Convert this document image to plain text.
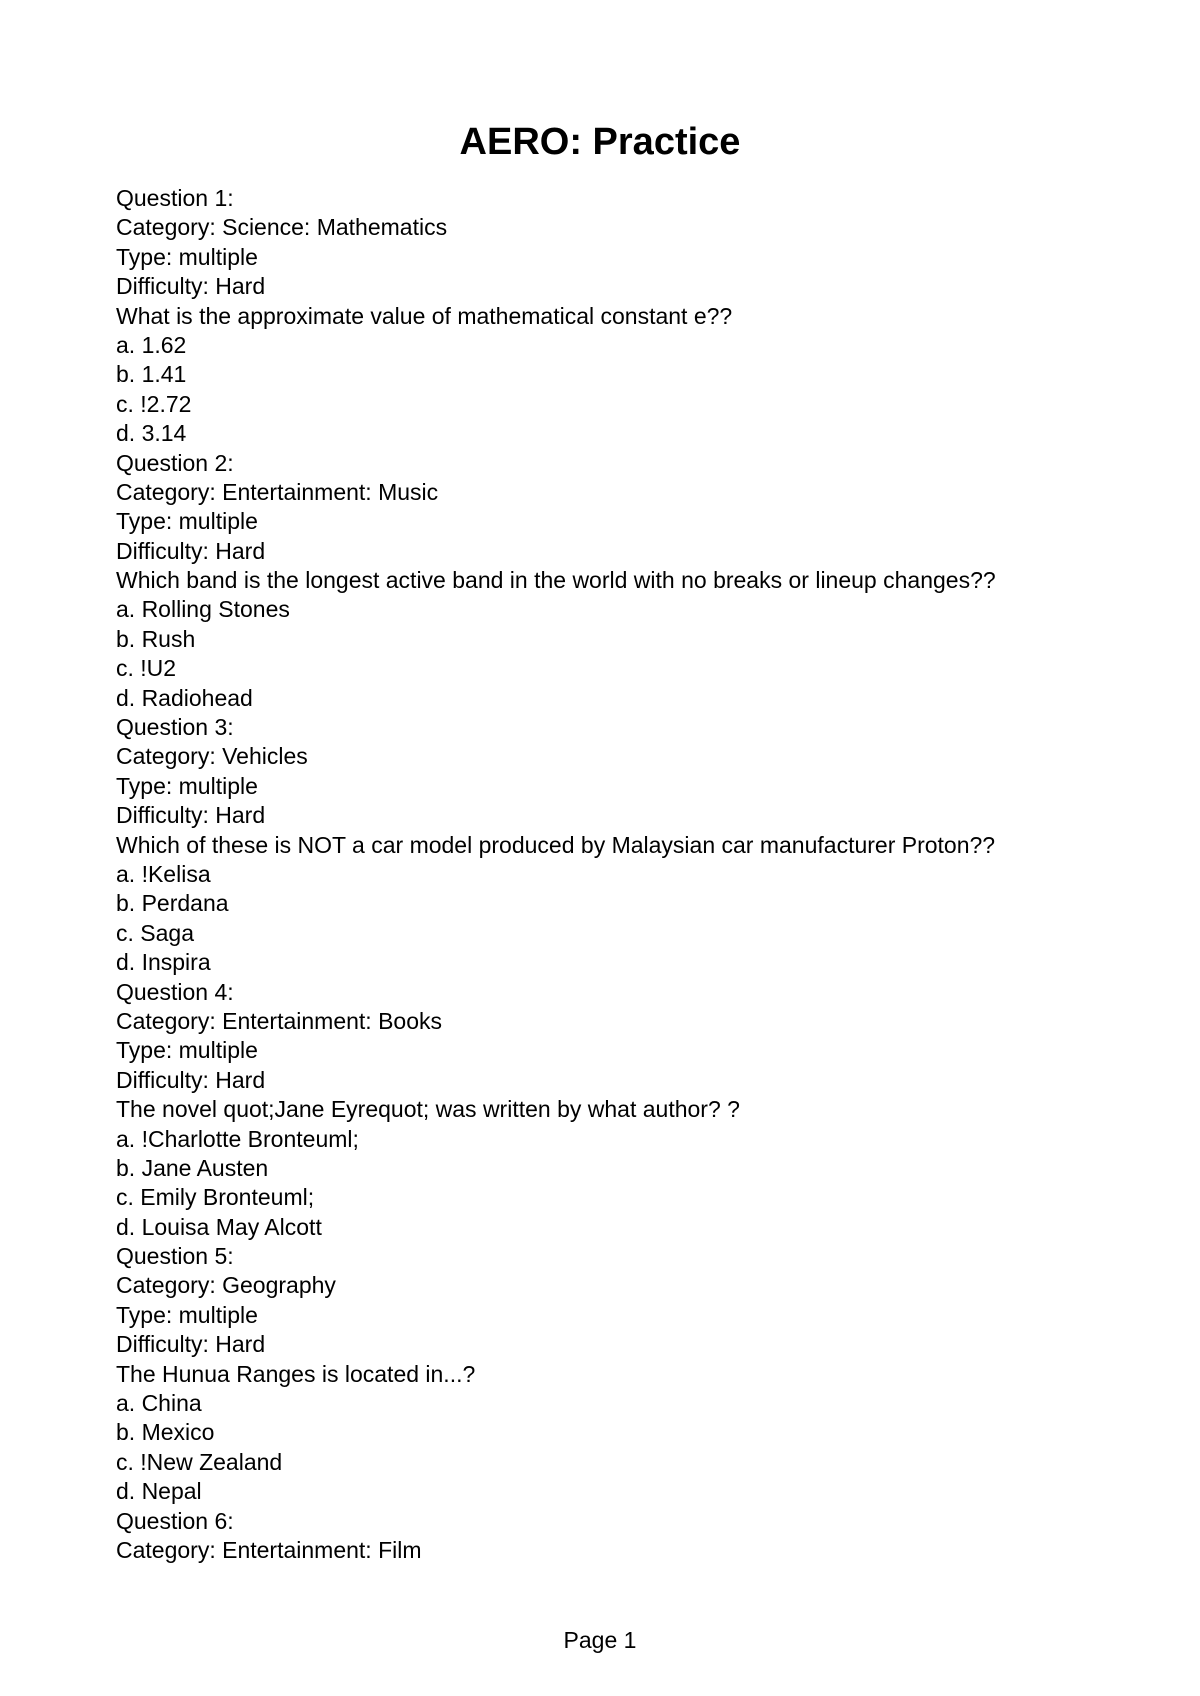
AERO: Practice
Question 1:
Category: Science: Mathematics
Type: multiple
Difficulty: Hard
What is the approximate value of mathematical constant e??
a. 1.62
b. 1.41
c. !2.72
d. 3.14
Question 2:
Category: Entertainment: Music
Type: multiple
Difficulty: Hard
Which band is the longest active band in the world with no breaks or lineup changes??
a. Rolling Stones
b. Rush
c. !U2
d. Radiohead
Question 3:
Category: Vehicles
Type: multiple
Difficulty: Hard
Which of these is NOT a car model produced by Malaysian car manufacturer Proton??
a. !Kelisa
b. Perdana
c. Saga
d. Inspira
Question 4:
Category: Entertainment: Books
Type: multiple
Difficulty: Hard
The novel quot;Jane Eyrequot; was written by what author? ?
a. !Charlotte Bronteuml;
b. Jane Austen
c. Emily Bronteuml;
d. Louisa May Alcott
Question 5:
Category: Geography
Type: multiple
Difficulty: Hard
The Hunua Ranges is located in...?
a. China
b. Mexico
c. !New Zealand
d. Nepal
Question 6:
Category: Entertainment: Film
Page 1
